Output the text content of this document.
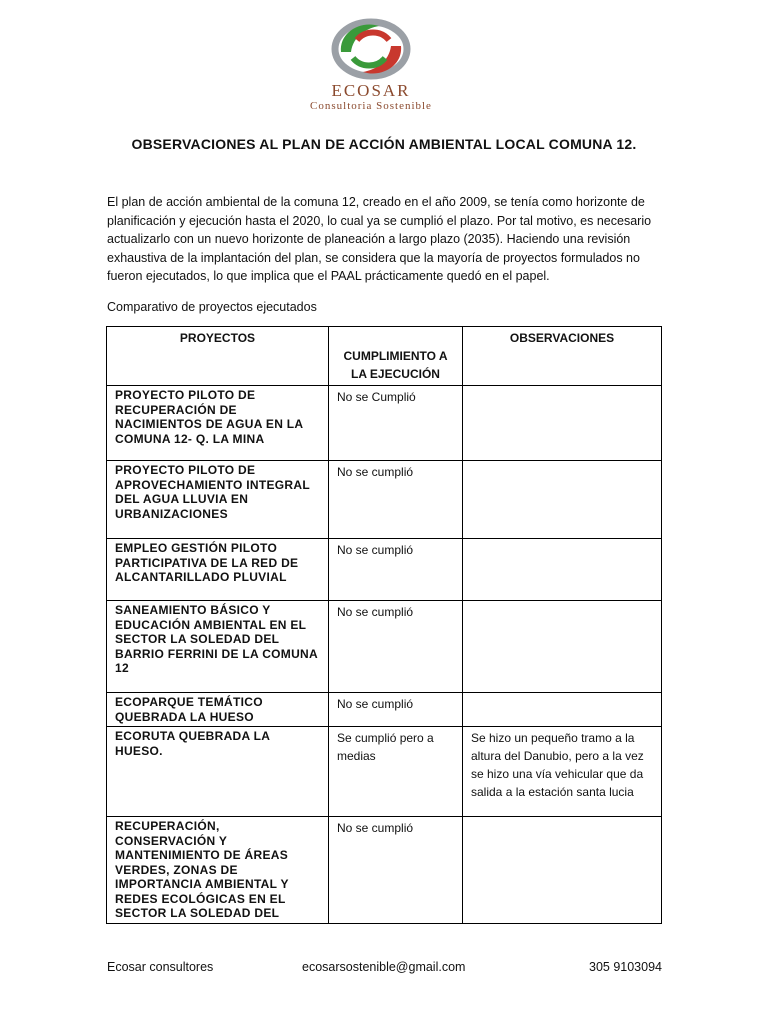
ECOSAR
Consultoria Sostenible
OBSERVACIONES AL PLAN DE ACCIÓN AMBIENTAL LOCAL COMUNA 12.
El plan de acción ambiental de la comuna 12, creado en el año 2009, se tenía como horizonte de planificación y ejecución hasta el 2020, lo cual ya se cumplió el plazo. Por tal motivo, es necesario actualizarlo con un nuevo horizonte de planeación a largo plazo (2035). Haciendo una revisión exhaustiva de la implantación del plan, se considera que la mayoría de proyectos formulados no fueron ejecutados, lo que implica que el PAAL prácticamente quedó en el papel.
Comparativo de proyectos ejecutados
PROYECTOS	CUMPLIMIENTO A LA EJECUCIÓN	OBSERVACIONES
PROYECTO PILOTO DE RECUPERACIÓN DE NACIMIENTOS DE AGUA EN LA COMUNA 12- Q. LA MINA	No se Cumplió	
PROYECTO PILOTO DE APROVECHAMIENTO INTEGRAL DEL AGUA LLUVIA EN URBANIZACIONES	No se cumplió	
EMPLEO GESTIÓN PILOTO PARTICIPATIVA DE LA RED DE ALCANTARILLADO PLUVIAL	No se cumplió	
SANEAMIENTO BÁSICO Y EDUCACIÓN AMBIENTAL EN EL SECTOR LA SOLEDAD DEL BARRIO FERRINI DE LA COMUNA 12	No se cumplió	
ECOPARQUE TEMÁTICO QUEBRADA LA HUESO	No se cumplió	
ECORUTA QUEBRADA LA HUESO.	Se cumplió pero a medias	Se hizo un pequeño tramo a la altura del Danubio, pero a la vez se hizo una vía vehicular que da salida a la estación santa lucia
RECUPERACIÓN, CONSERVACIÓN Y MANTENIMIENTO DE ÁREAS VERDES, ZONAS DE IMPORTANCIA AMBIENTAL Y REDES ECOLÓGICAS EN EL SECTOR LA SOLEDAD DEL	No se cumplió	
Ecosar consultores	ecosarsostenible@gmail.com	305 9103094
